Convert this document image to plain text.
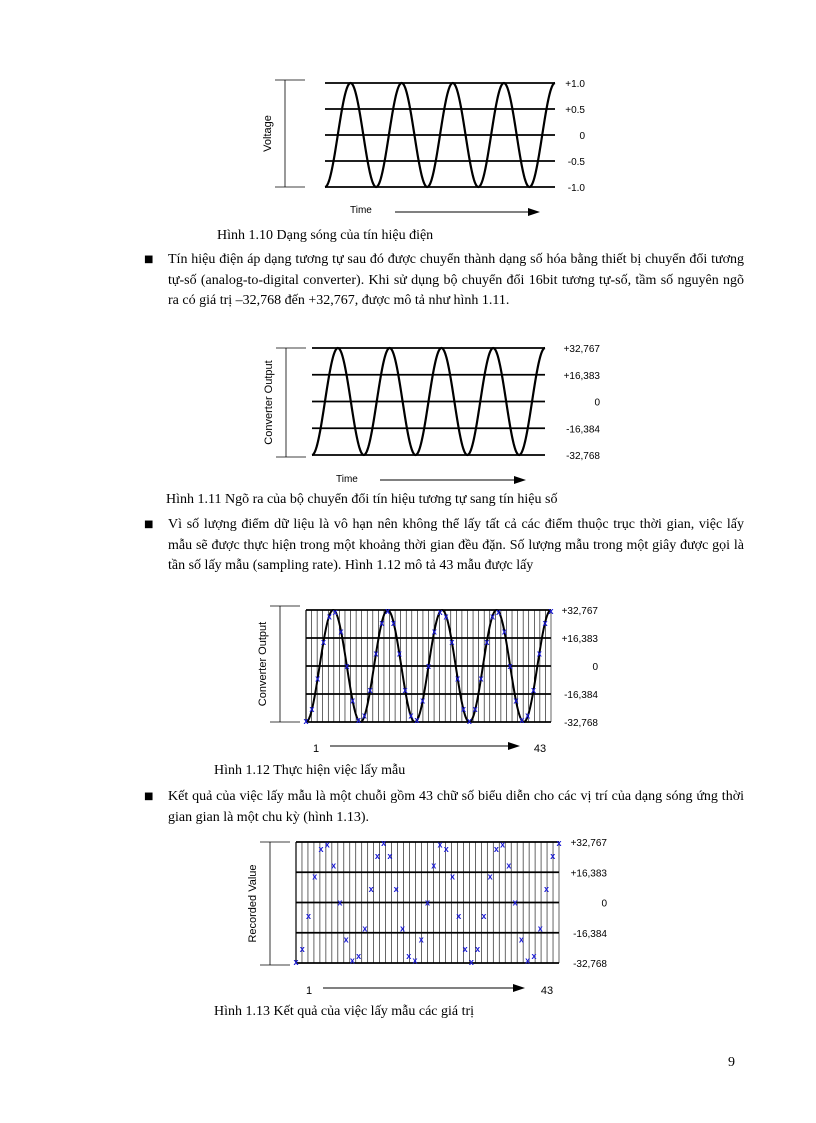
+1.0
+0.5
0
-0.5
-1.0
Voltage
Time
Hình 1.10 Dạng sóng của tín hiệu điện
■ Tín hiệu điện áp dạng tương tự sau đó được chuyển thành dạng số hóa bằng thiết bị chuyển đổi tương tự-số (analog-to-digital converter). Khi sử dụng bộ chuyển đổi 16bit tương tự-số, tầm số nguyên ngõ ra có giá trị –32,768 đến +32,767, được mô tả như hình 1.11.
+32,767
+16,383
0
-16,384
-32,768
Converter Output
Time
Hình 1.11 Ngõ ra của bộ chuyển đổi tín hiệu tương tự sang tín hiệu số
■ Vì số lượng điểm dữ liệu là vô hạn nên không thể lấy tất cả các điểm thuộc trục thời gian, việc lấy mẫu sẽ được thực hiện trong một khoảng thời gian đều đặn. Số lượng mẫu trong một giây được gọi là tần số lấy mẫu (sampling rate). Hình 1.12 mô tả 43 mẫu được lấy
+32,767
+16,383
0
-16,384
-32,768
Converter Output
x
x
x
x
x x
x
x
x
x x
x
x
x
x
x
x
x
x x
x
x
x
x x
x
x
x
x
x
x
x
x x
x
x
x
x x
x
x
x
x
1	43
Hình 1.12 Thực hiện việc lấy mẫu
■ Kết quả của việc lấy mẫu là một chuỗi gồm 43 chữ số biểu diễn cho các vị trí của dạng sóng ứng thời gian gian là một chu kỳ (hình 1.13).
+32,767
+16,383
0
-16,384
-32,768
Recorded Value
x
x
x
x
x x
x
x
x
x x
x
x
x
x
x
x
x
x x
x
x
x
x x
x
x
x
x
x
x
x
x x
x
x
x
x x
x
x
x
x
1	43
Hình 1.13 Kết quả của việc lấy mẫu các giá trị
9
